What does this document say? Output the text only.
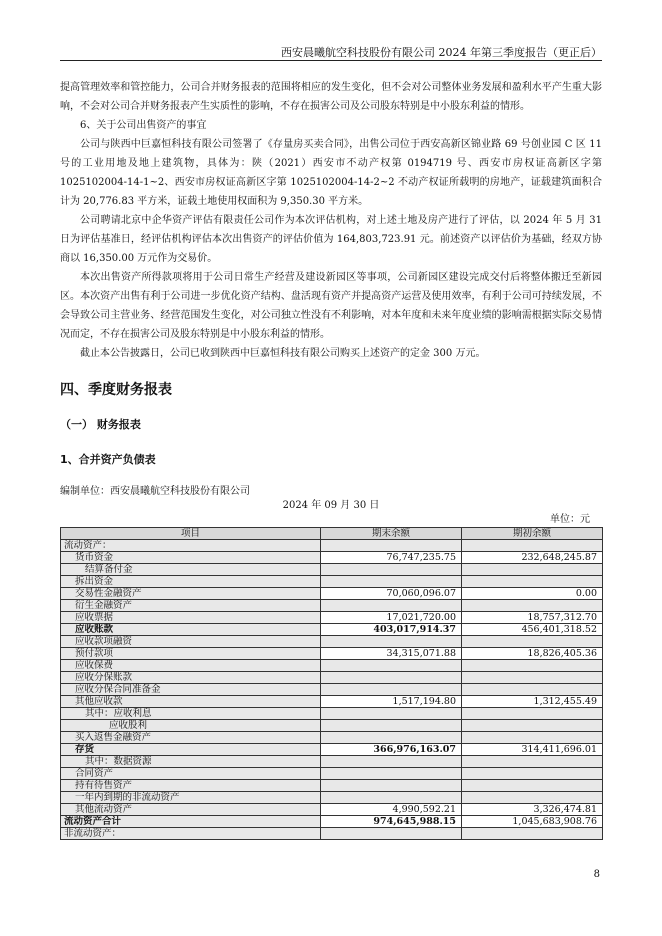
西安晨曦航空科技股份有限公司 2024 年第三季度报告（更正后）

提高管理效率和管控能力，公司合并财务报表的范围将相应的发生变化，但不会对公司整体业务发展和盈利水平产生重大影响，不会对公司合并财务报表产生实质性的影响，不存在损害公司及公司股东特别是中小股东利益的情形。

6、关于公司出售资产的事宜

公司与陕西中巨嘉恒科技有限公司签署了《存量房买卖合同》，出售公司位于西安高新区锦业路 69 号创业园 C 区 11 号的工业用地及地上建筑物，具体为：陕（2021）西安市不动产权第 0194719 号、西安市房权证高新区字第 1025102004-14-1~2、西安市房权证高新区字第 1025102004-14-2~2 不动产权证所载明的房地产，证载建筑面积合计为 20,776.83 平方米，证载土地使用权面积为 9,350.30 平方米。

公司聘请北京中企华资产评估有限责任公司作为本次评估机构，对上述土地及房产进行了评估，以 2024 年 5 月 31 日为评估基准日，经评估机构评估本次出售资产的评估价值为 164,803,723.91 元。前述资产以评估价为基础，经双方协商以 16,350.00 万元作为交易价。

本次出售资产所得款项将用于公司日常生产经营及建设新园区等事项，公司新园区建设完成交付后将整体搬迁至新园区。本次资产出售有利于公司进一步优化资产结构、盘活现有资产并提高资产运营及使用效率，有利于公司可持续发展，不会导致公司主营业务、经营范围发生变化，对公司独立性没有不利影响，对本年度和未来年度业绩的影响需根据实际交易情况而定，不存在损害公司及股东特别是中小股东利益的情形。

截止本公告披露日，公司已收到陕西中巨嘉恒科技有限公司购买上述资产的定金 300 万元。

四、季度财务报表
（一） 财务报表
1、合并资产负债表
编制单位：西安晨曦航空科技股份有限公司
2024 年 09 月 30 日
单位：元
项目	期末余额	期初余额
流动资产：		
货币资金	76,747,235.75	232,648,245.87
结算备付金		
拆出资金		
交易性金融资产	70,060,096.07	0.00
衍生金融资产		
应收票据	17,021,720.00	18,757,312.70
应收账款	403,017,914.37	456,401,318.52
应收款项融资		
预付款项	34,315,071.88	18,826,405.36
应收保费		
应收分保账款		
应收分保合同准备金		
其他应收款	1,517,194.80	1,312,455.49
其中：应收利息		
应收股利		
买入返售金融资产		
存货	366,976,163.07	314,411,696.01
其中：数据资源		
合同资产		
持有待售资产		
一年内到期的非流动资产		
其他流动资产	4,990,592.21	3,326,474.81
流动资产合计	974,645,988.15	1,045,683,908.76
非流动资产：		
8
